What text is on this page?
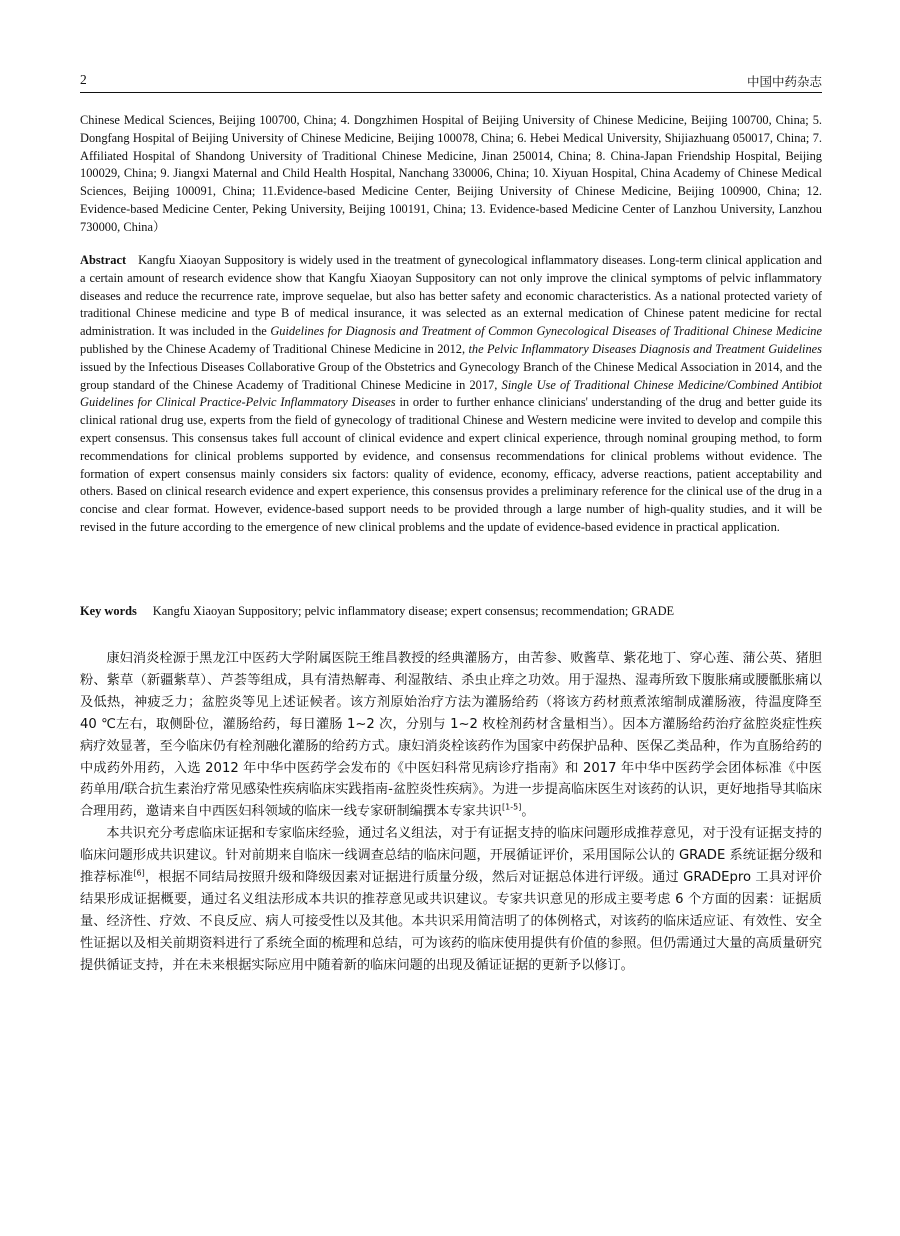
2	中国中药杂志
Chinese Medical Sciences, Beijing 100700, China; 4. Dongzhimen Hospital of Beijing University of Chinese Medicine, Beijing 100700, China; 5. Dongfang Hospital of Beijing University of Chinese Medicine, Beijing 100078, China; 6. Hebei Medical University, Shijiazhuang 050017, China; 7. Affiliated Hospital of Shandong University of Traditional Chinese Medicine, Jinan 250014, China; 8. China-Japan Friendship Hospital, Beijing 100029, China; 9. Jiangxi Maternal and Child Health Hospital, Nanchang 330006, China; 10. Xiyuan Hospital, China Academy of Chinese Medical Sciences, Beijing 100091, China; 11.Evidence-based Medicine Center, Beijing University of Chinese Medicine, Beijing 100900, China; 12. Evidence-based Medicine Center, Peking University, Beijing 100191, China; 13. Evidence-based Medicine Center of Lanzhou University, Lanzhou 730000, China）
Abstract Kangfu Xiaoyan Suppository is widely used in the treatment of gynecological inflammatory diseases. Long-term clinical application and a certain amount of research evidence show that Kangfu Xiaoyan Suppository can not only improve the clinical symptoms of pelvic inflammatory diseases and reduce the recurrence rate, improve sequelae, but also has better safety and economic characteristics. As a national protected variety of traditional Chinese medicine and type B of medical insurance, it was selected as an external medication of Chinese patent medicine for rectal administration. It was included in the Guidelines for Diagnosis and Treatment of Common Gynecological Diseases of Traditional Chinese Medicine published by the Chinese Academy of Traditional Chinese Medicine in 2012, the Pelvic Inflammatory Diseases Diagnosis and Treatment Guidelines issued by the Infectious Diseases Collaborative Group of the Obstetrics and Gynecology Branch of the Chinese Medical Association in 2014, and the group standard of the Chinese Academy of Traditional Chinese Medicine in 2017, Single Use of Traditional Chinese Medicine/Combined Antibiot Guidelines for Clinical Practice-Pelvic Inflammatory Diseases in order to further enhance clinicians' understanding of the drug and better guide its clinical rational drug use, experts from the field of gynecology of traditional Chinese and Western medicine were invited to develop and compile this expert consensus. This consensus takes full account of clinical evidence and expert clinical experience, through nominal grouping method, to form recommendations for clinical problems supported by evidence, and consensus recommendations for clinical problems without evidence. The formation of expert consensus mainly considers six factors: quality of evidence, economy, efficacy, adverse reactions, patient acceptability and others. Based on clinical research evidence and expert experience, this consensus provides a preliminary reference for the clinical use of the drug in a concise and clear format. However, evidence-based support needs to be provided through a large number of high-quality studies, and it will be revised in the future according to the emergence of new clinical problems and the update of evidence-based evidence in practical application.
Key words Kangfu Xiaoyan Suppository; pelvic inflammatory disease; expert consensus; recommendation; GRADE

康妇消炎栓源于黑龙江中医药大学附属医院王维昌教授的经典灌肠方，由苦参、败酱草、紫花地丁、穿心莲、蒲公英、猪胆粉、紫草（新疆紫草）、芦荟等组成，具有清热解毒、利湿散结、杀虫止痒之功效。用于湿热、湿毒所致下腹胀痛或腰骶胀痛以及低热，神疲乏力；盆腔炎等见上述证候者。该方剂原始治疗方法为灌肠给药（将该方药材煎煮浓缩制成灌肠液，待温度降至 40 ℃左右，取侧卧位，灌肠给药，每日灌肠 1~2 次，分别与 1~2 枚栓剂药材含量相当）。因本方灌肠给药治疗盆腔炎症性疾病疗效显著，至今临床仍有栓剂融化灌肠的给药方式。康妇消炎栓该药作为国家中药保护品种、医保乙类品种，作为直肠给药的中成药外用药，入选 2012 年中华中医药学会发布的《中医妇科常见病诊疗指南》和 2017 年中华中医药学会团体标准《中医药单用/联合抗生素治疗常见感染性疾病临床实践指南-盆腔炎性疾病》。为进一步提高临床医生对该药的认识，更好地指导其临床合理用药，邀请来自中西医妇科领域的临床一线专家研制编撰本专家共识[1-5]。

本共识充分考虑临床证据和专家临床经验，通过名义组法，对于有证据支持的临床问题形成推荐意见，对于没有证据支持的临床问题形成共识建议。针对前期来自临床一线调查总结的临床问题，开展循证评价，采用国际公认的 GRADE 系统证据分级和推荐标准[6]，根据不同结局按照升级和降级因素对证据进行质量分级，然后对证据总体进行评级。通过 GRADEpro 工具对评价结果形成证据概要，通过名义组法形成本共识的推荐意见或共识建议。专家共识意见的形成主要考虑 6 个方面的因素：证据质量、经济性、疗效、不良反应、病人可接受性以及其他。本共识采用简洁明了的体例格式，对该药的临床适应证、有效性、安全性证据以及相关前期资料进行了系统全面的梳理和总结，可为该药的临床使用提供有价值的参照。但仍需通过大量的高质量研究提供循证支持，并在未来根据实际应用中随着新的临床问题的出现及循证证据的更新予以修订。
